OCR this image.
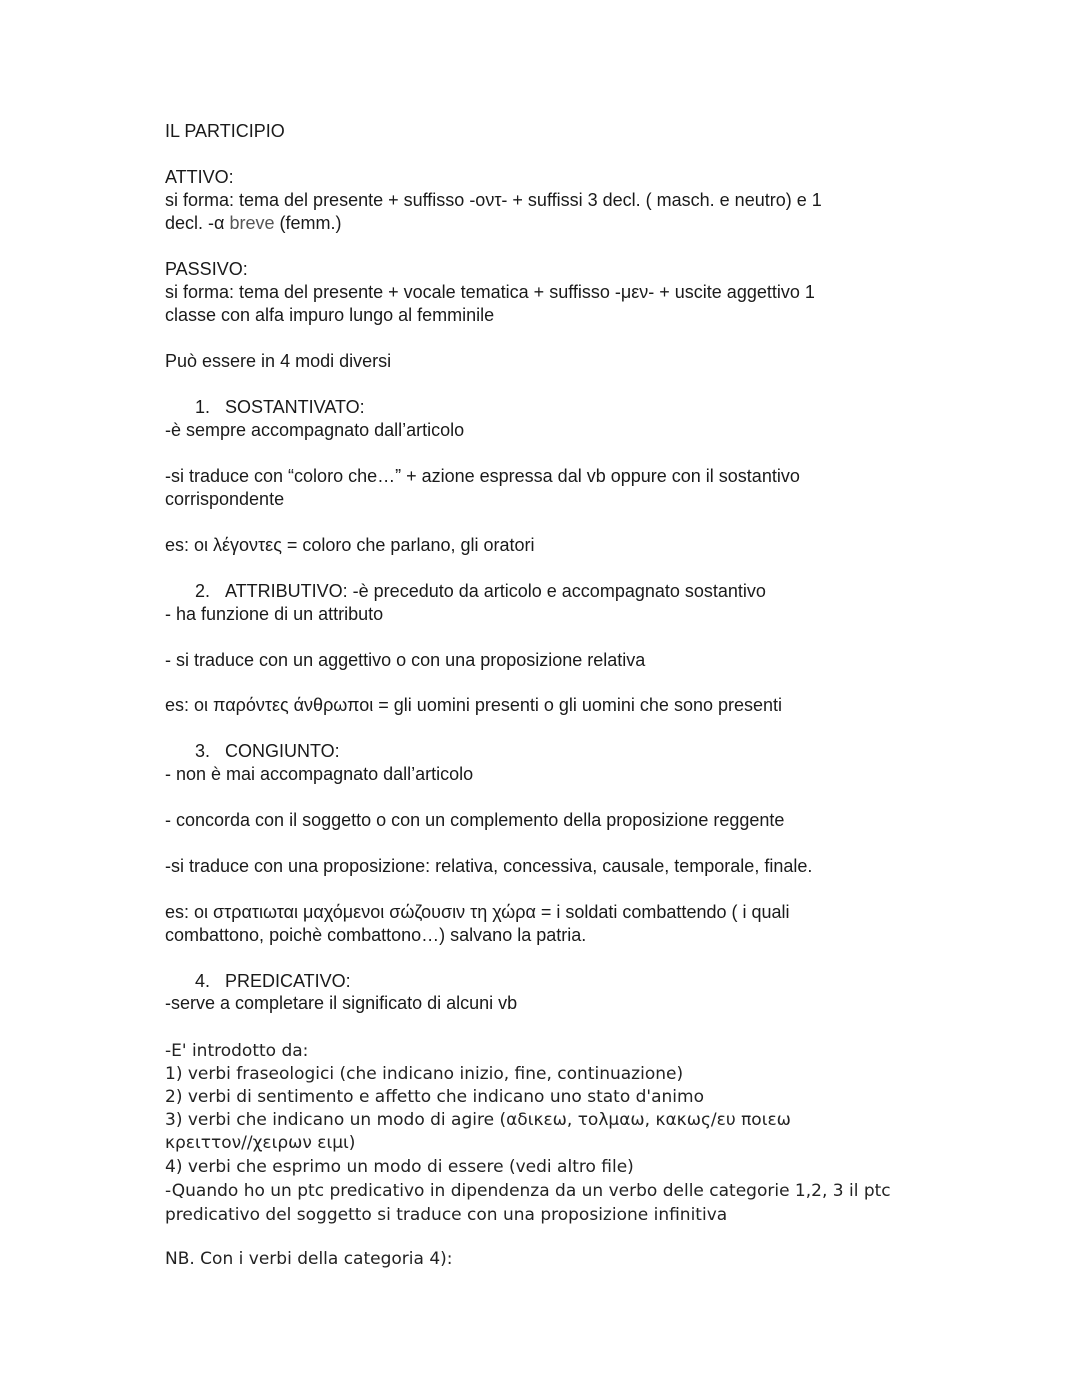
IL PARTICIPIO
ATTIVO:
si forma: tema del presente + suffisso -οντ- + suffissi 3 decl. ( masch. e neutro) e 1
decl. -α breve (femm.)
PASSIVO:
si forma: tema del presente + vocale tematica + suffisso -μεν- + uscite aggettivo 1
classe con alfa impuro lungo al femminile
Può essere in 4 modi diversi
1. SOSTANTIVATO:
-è sempre accompagnato dall’articolo
-si traduce con “coloro che…” + azione espressa dal vb oppure con il sostantivo
corrispondente
es: οι λέγοντες = coloro che parlano, gli oratori
2. ATTRIBUTIVO: -è preceduto da articolo e accompagnato sostantivo
- ha funzione di un attributo
- si traduce con un aggettivo o con una proposizione relativa
es: οι παρόντες άνθρωποι = gli uomini presenti o gli uomini che sono presenti
3. CONGIUNTO:
- non è mai accompagnato dall’articolo
- concorda con il soggetto o con un complemento della proposizione reggente
-si traduce con una proposizione: relativa, concessiva, causale, temporale, finale.
es: οι στρατιωται μαχόμενοι σώζουσιν τη χώρα = i soldati combattendo ( i quali
combattono, poichè combattono…) salvano la patria.
4. PREDICATIVO:
-serve a completare il significato di alcuni vb
-E' introdotto da:
1) verbi fraseologici (che indicano inizio, fine, continuazione)
2) verbi di sentimento e affetto che indicano uno stato d'animo
3) verbi che indicano un modo di agire (αδικεω, τολμαω, κακως/ευ ποιεω
κρειττον//χειρων ειμι)
4) verbi che esprimo un modo di essere (vedi altro file)
-Quando ho un ptc predicativo in dipendenza da un verbo delle categorie 1,2, 3 il ptc
predicativo del soggetto si traduce con una proposizione infinitiva
NB. Con i verbi della categoria 4):
